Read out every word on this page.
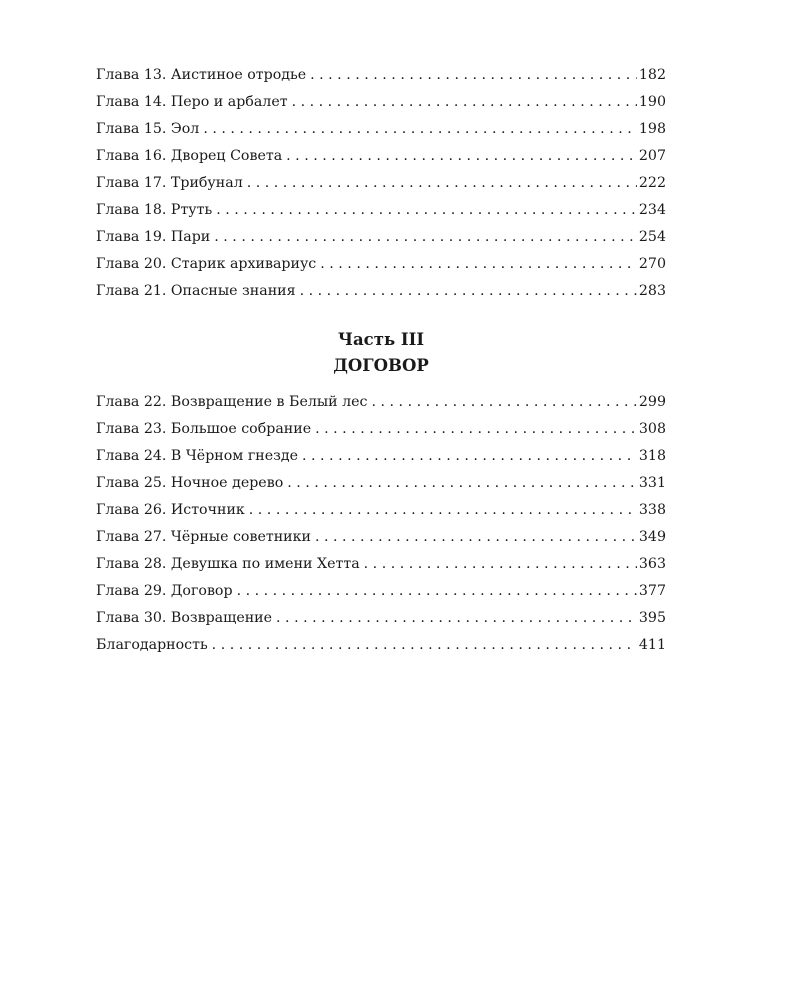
Глава 13. Аистиное отродье . . .	182
Глава 14. Перо и арбалет . . .	190
Глава 15. Эол . . .	198
Глава 16. Дворец Совета . . .	207
Глава 17. Трибунал . . .	222
Глава 18. Ртуть . . .	234
Глава 19. Пари . . .	254
Глава 20. Старик архивариус . . .	270
Глава 21. Опасные знания . . .	283
Часть III
ДОГОВОР
Глава 22. Возвращение в Белый лес . . .	299
Глава 23. Большое собрание . . .	308
Глава 24. В Чёрном гнезде . . .	318
Глава 25. Ночное дерево . . .	331
Глава 26. Источник . . .	338
Глава 27. Чёрные советники . . .	349
Глава 28. Девушка по имени Хетта . . .	363
Глава 29. Договор . . .	377
Глава 30. Возвращение . . .	395
Благодарность . . .	411
